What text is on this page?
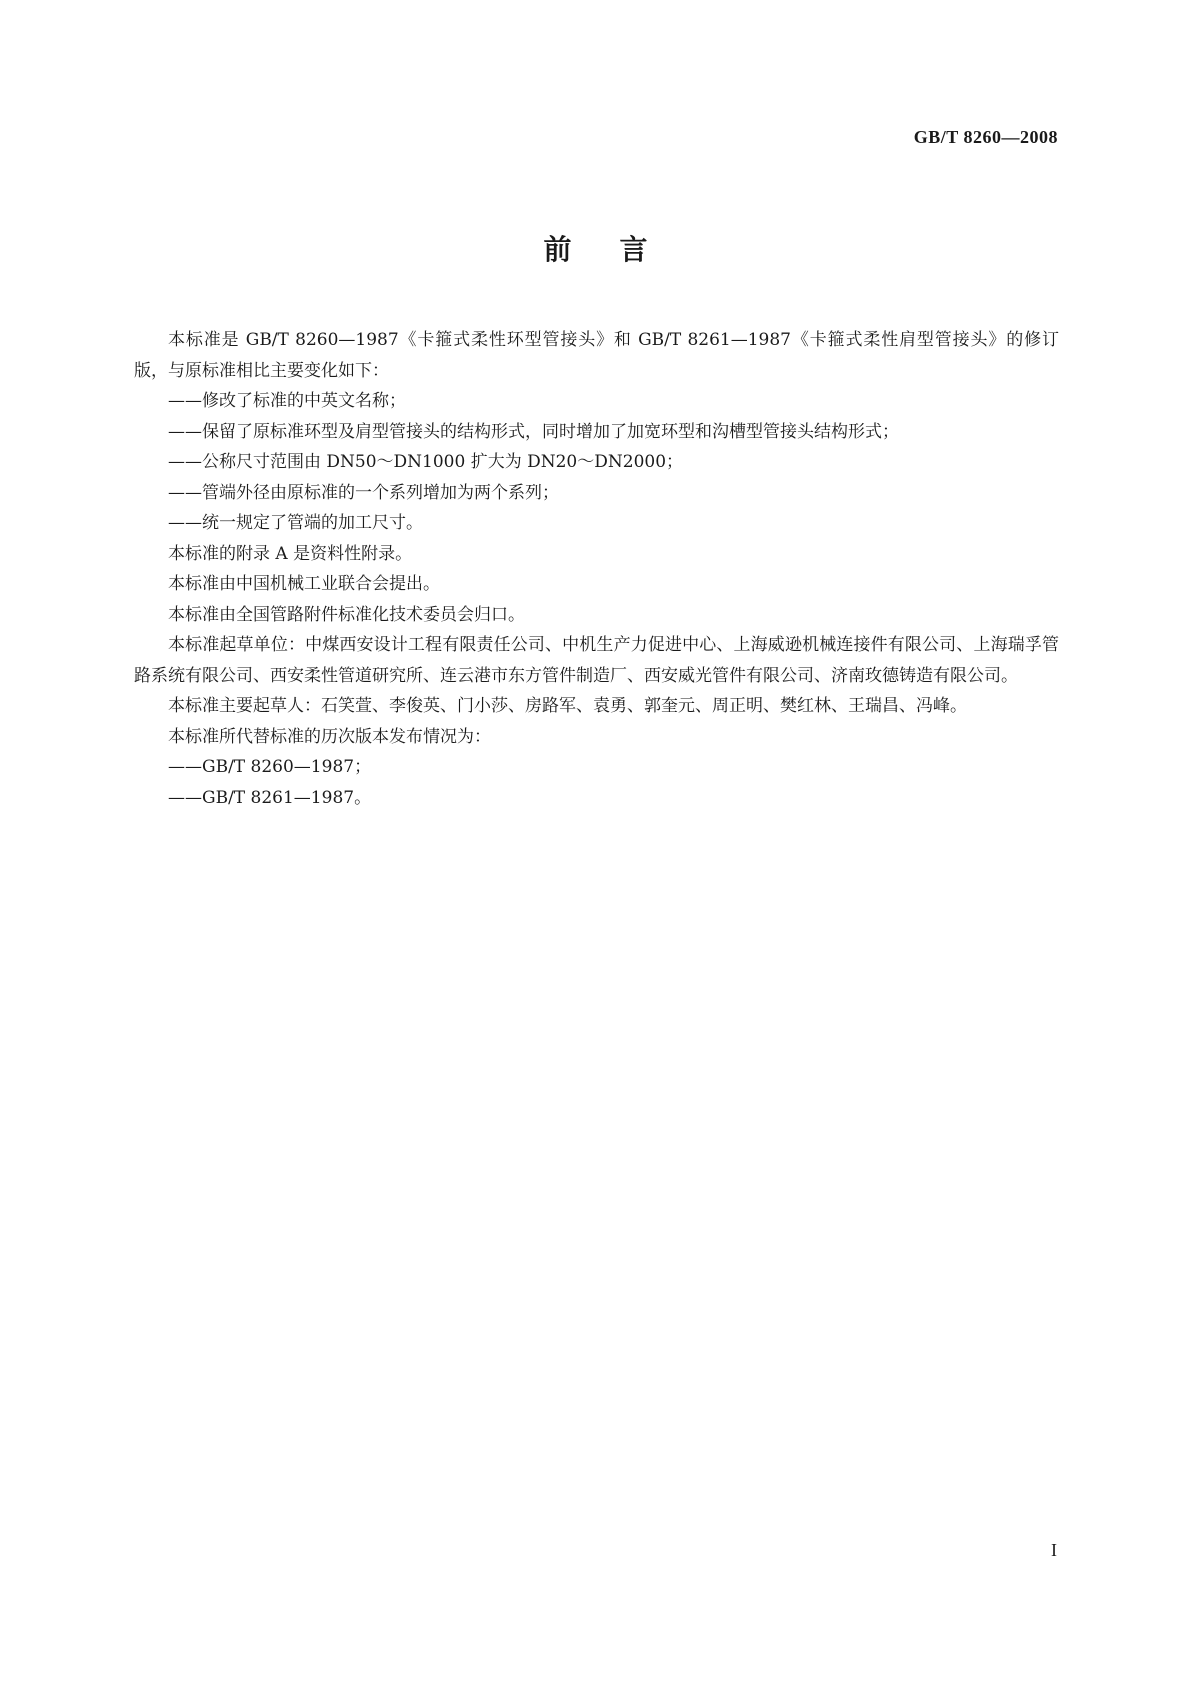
GB/T 8260—2008
前言

本标准是 GB/T 8260—1987《卡箍式柔性环型管接头》和 GB/T 8261—1987《卡箍式柔性肩型管接头》的修订版，与原标准相比主要变化如下：

——修改了标准的中英文名称；

——保留了原标准环型及肩型管接头的结构形式，同时增加了加宽环型和沟槽型管接头结构形式；

——公称尺寸范围由 DN50～DN1000 扩大为 DN20～DN2000；

——管端外径由原标准的一个系列增加为两个系列；

——统一规定了管端的加工尺寸。

本标准的附录 A 是资料性附录。

本标准由中国机械工业联合会提出。

本标准由全国管路附件标准化技术委员会归口。

本标准起草单位：中煤西安设计工程有限责任公司、中机生产力促进中心、上海威逊机械连接件有限公司、上海瑞孚管路系统有限公司、西安柔性管道研究所、连云港市东方管件制造厂、西安威光管件有限公司、济南玫德铸造有限公司。

本标准主要起草人：石笑萱、李俊英、门小莎、房路军、袁勇、郭奎元、周正明、樊红林、王瑞昌、冯峰。

本标准所代替标准的历次版本发布情况为：

——GB/T 8260—1987；

——GB/T 8261—1987。

I
